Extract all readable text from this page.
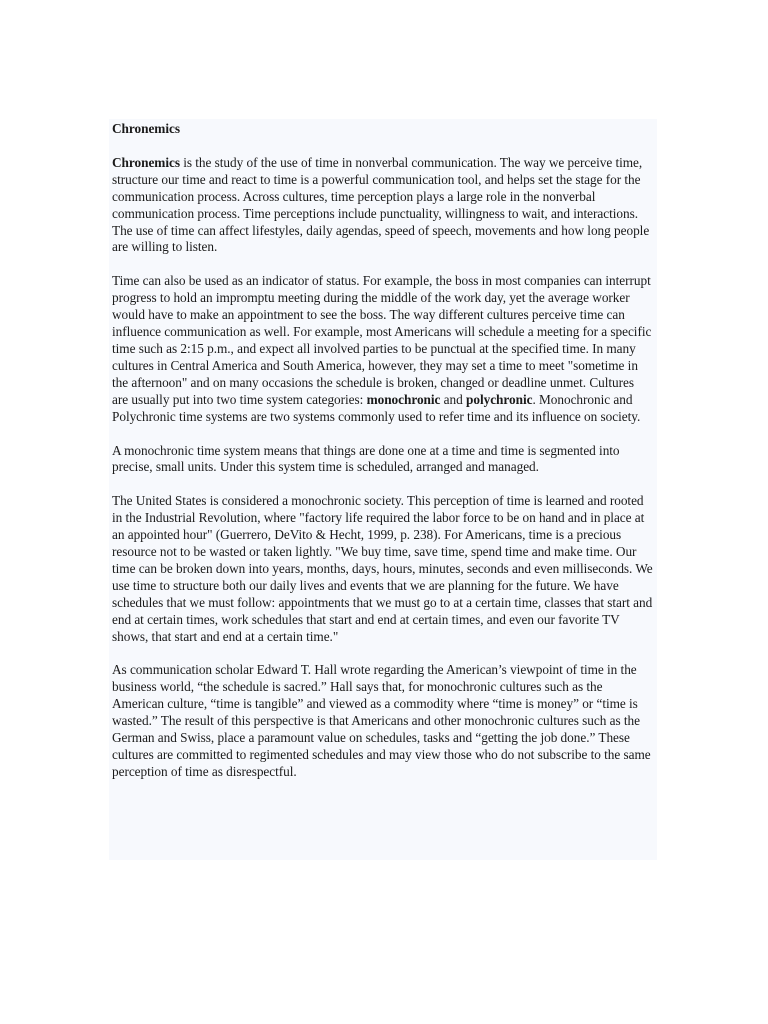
Chronemics

Chronemics is the study of the use of time in nonverbal communication. The way we perceive time, structure our time and react to time is a powerful communication tool, and helps set the stage for the communication process. Across cultures, time perception plays a large role in the nonverbal communication process. Time perceptions include punctuality, willingness to wait, and interactions. The use of time can affect lifestyles, daily agendas, speed of speech, movements and how long people are willing to listen.

Time can also be used as an indicator of status. For example, the boss in most companies can interrupt progress to hold an impromptu meeting during the middle of the work day, yet the average worker would have to make an appointment to see the boss. The way different cultures perceive time can influence communication as well. For example, most Americans will schedule a meeting for a specific time such as 2:15 p.m., and expect all involved parties to be punctual at the specified time. In many cultures in Central America and South America, however, they may set a time to meet "sometime in the afternoon" and on many occasions the schedule is broken, changed or deadline unmet. Cultures are usually put into two time system categories: monochronic and polychronic. Monochronic and Polychronic time systems are two systems commonly used to refer time and its influence on society.

A monochronic time system means that things are done one at a time and time is segmented into precise, small units. Under this system time is scheduled, arranged and managed.

The United States is considered a monochronic society. This perception of time is learned and rooted in the Industrial Revolution, where "factory life required the labor force to be on hand and in place at an appointed hour" (Guerrero, DeVito & Hecht, 1999, p. 238). For Americans, time is a precious resource not to be wasted or taken lightly. "We buy time, save time, spend time and make time. Our time can be broken down into years, months, days, hours, minutes, seconds and even milliseconds. We use time to structure both our daily lives and events that we are planning for the future. We have schedules that we must follow: appointments that we must go to at a certain time, classes that start and end at certain times, work schedules that start and end at certain times, and even our favorite TV shows, that start and end at a certain time."

As communication scholar Edward T. Hall wrote regarding the American’s viewpoint of time in the business world, “the schedule is sacred.” Hall says that, for monochronic cultures such as the American culture, “time is tangible” and viewed as a commodity where “time is money” or “time is wasted.” The result of this perspective is that Americans and other monochronic cultures such as the German and Swiss, place a paramount value on schedules, tasks and “getting the job done.” These cultures are committed to regimented schedules and may view those who do not subscribe to the same perception of time as disrespectful.
